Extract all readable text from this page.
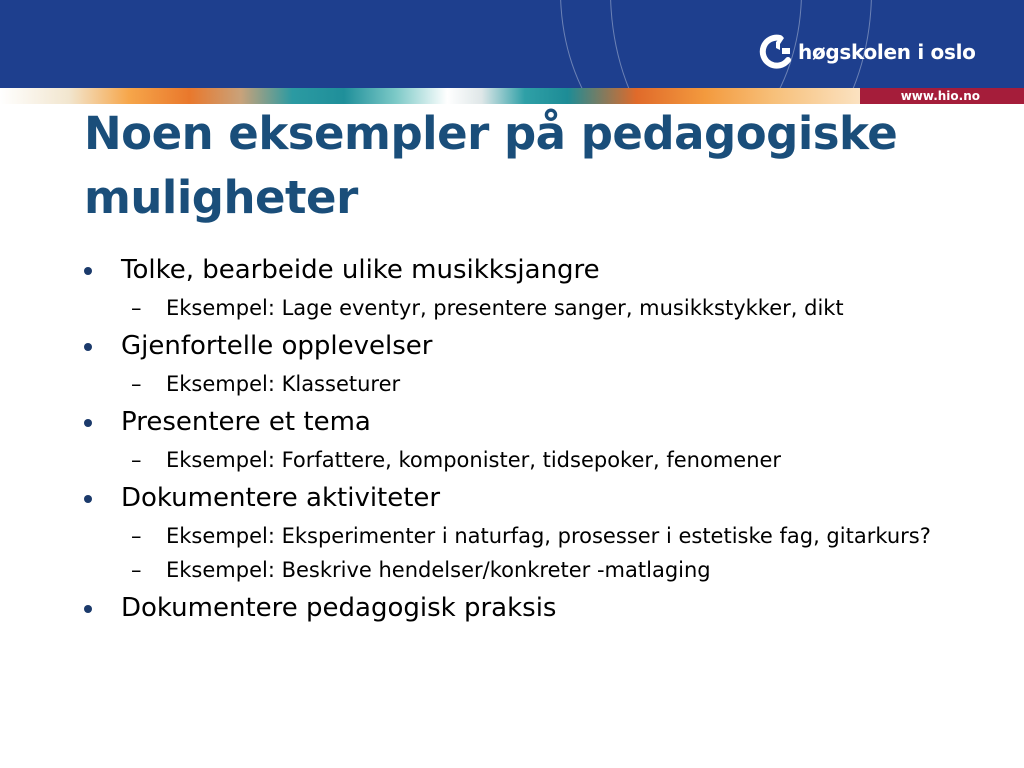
høgskolen i oslo
www.hio.no
Noen eksempler på pedagogiske
muligheter
Tolke, bearbeide ulike musikksjangre
– Eksempel: Lage eventyr, presentere sanger, musikkstykker, dikt
Gjenfortelle opplevelser
– Eksempel: Klasseturer
Presentere et tema
– Eksempel: Forfattere, komponister, tidsepoker, fenomener
Dokumentere aktiviteter
– Eksempel: Eksperimenter i naturfag, prosesser i estetiske fag, gitarkurs?
– Eksempel: Beskrive hendelser/konkreter -matlaging
Dokumentere pedagogisk praksis
